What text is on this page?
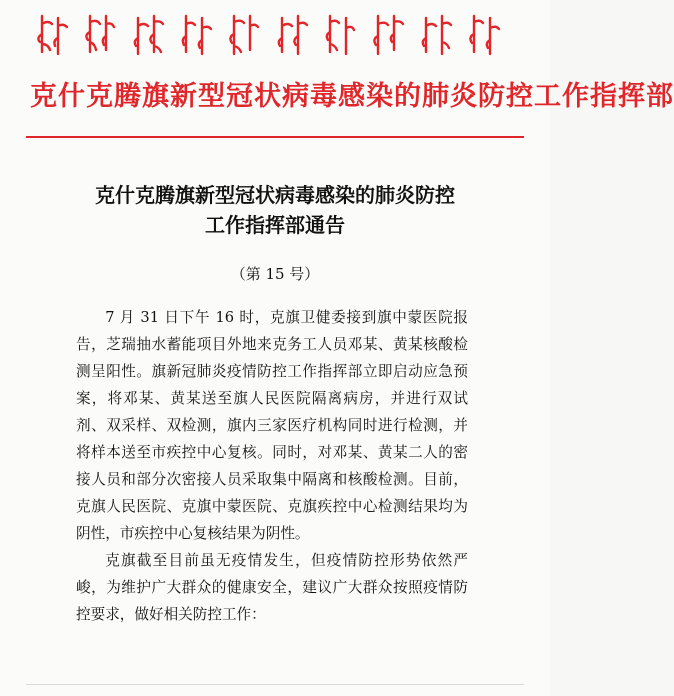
克什克腾旗新型冠状病毒感染的肺炎防控工作指挥部
克什克腾旗新型冠状病毒感染的肺炎防控
工作指挥部通告
（第 15 号）

7 月 31 日下午 16 时，克旗卫健委接到旗中蒙医院报告，芝瑞抽水蓄能项目外地来克务工人员邓某、黄某核酸检测呈阳性。旗新冠肺炎疫情防控工作指挥部立即启动应急预案，将邓某、黄某送至旗人民医院隔离病房，并进行双试剂、双采样、双检测，旗内三家医疗机构同时进行检测，并将样本送至市疾控中心复核。同时，对邓某、黄某二人的密接人员和部分次密接人员采取集中隔离和核酸检测。目前，克旗人民医院、克旗中蒙医院、克旗疾控中心检测结果均为阴性，市疾控中心复核结果为阴性。

克旗截至目前虽无疫情发生，但疫情防控形势依然严峻，为维护广大群众的健康安全，建议广大群众按照疫情防控要求，做好相关防控工作：
